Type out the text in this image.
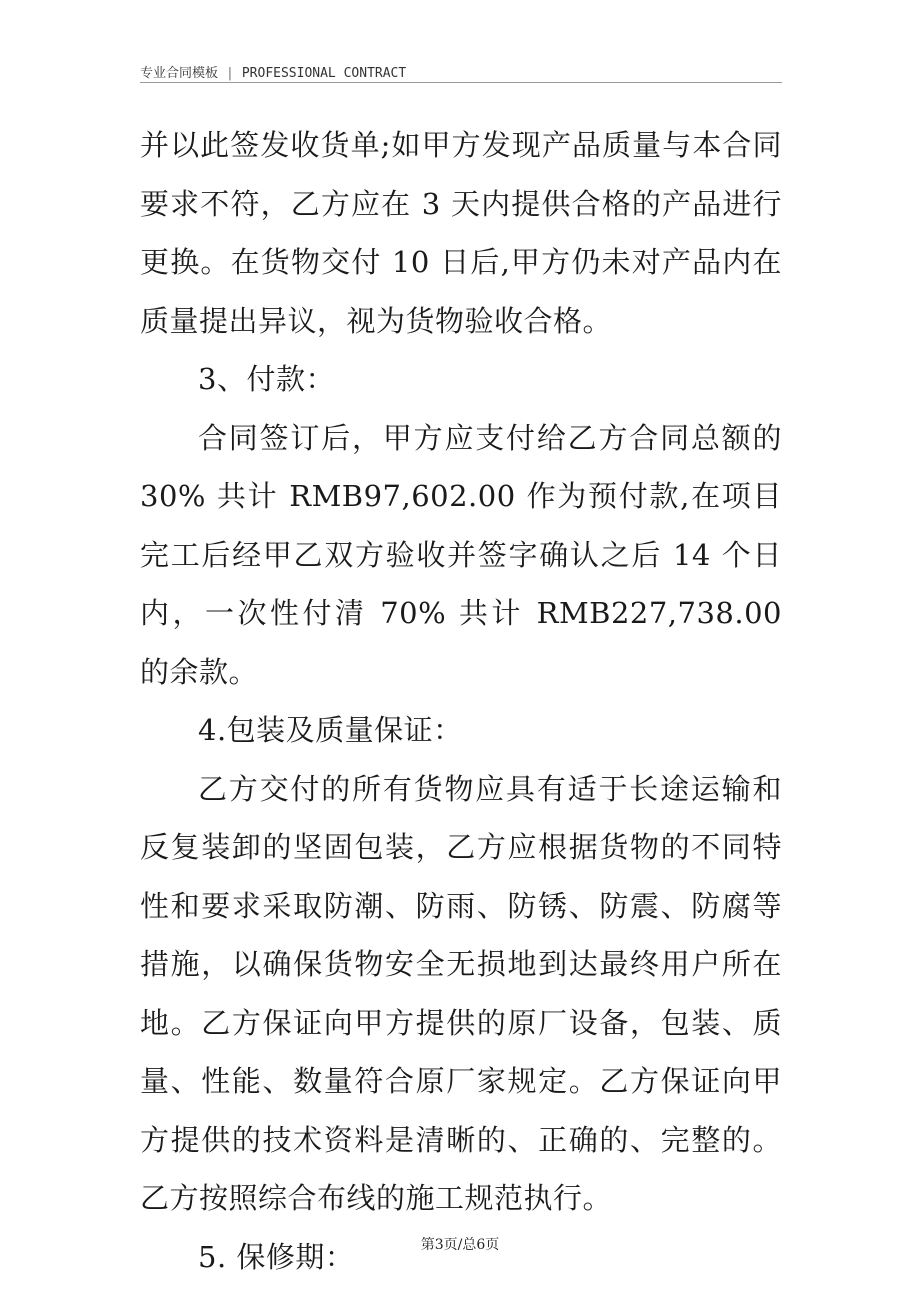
专业合同模板 | PROFESSIONAL CONTRACT

并以此签发收货单;如甲方发现产品质量与本合同要求不符，乙方应在 3 天内提供合格的产品进行更换。在货物交付 10 日后,甲方仍未对产品内在质量提出异议，视为货物验收合格。

3、付款：

合同签订后，甲方应支付给乙方合同总额的 30% 共计 RMB97,602.00 作为预付款,在项目完工后经甲乙双方验收并签字确认之后 14 个日内，一次性付清 70% 共计 RMB227,738.00 的余款。

4.包装及质量保证：

乙方交付的所有货物应具有适于长途运输和反复装卸的坚固包装，乙方应根据货物的不同特性和要求采取防潮、防雨、防锈、防震、防腐等措施，以确保货物安全无损地到达最终用户所在地。乙方保证向甲方提供的原厂设备，包装、质量、性能、数量符合原厂家规定。乙方保证向甲方提供的技术资料是清晰的、正确的、完整的。乙方按照综合布线的施工规范执行。

5. 保修期：	第3页/总6页
